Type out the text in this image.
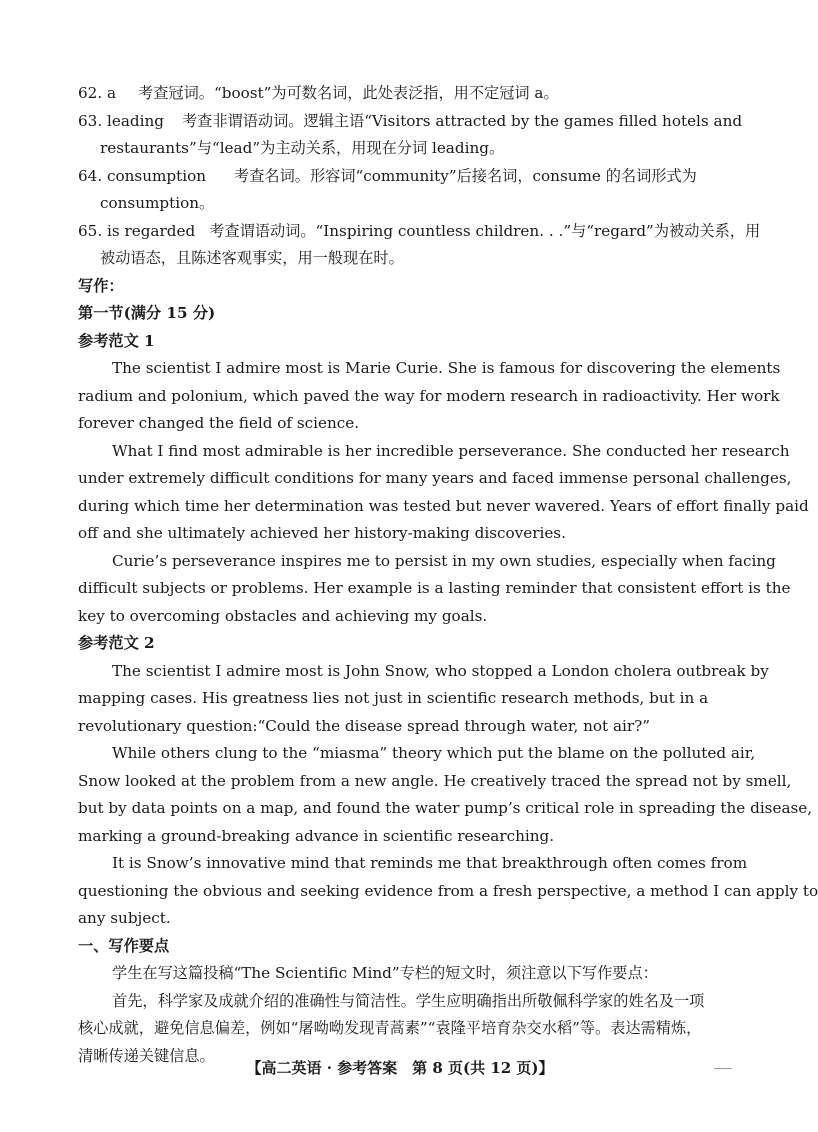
62. a 考查冠词。“boost”为可数名词，此处表泛指，用不定冠词 a。
63. leading 考查非谓语动词。逻辑主语“Visitors attracted by the games filled hotels and
restaurants”与“lead”为主动关系，用现在分词 leading。
64. consumption 考查名词。形容词“community”后接名词，consume 的名词形式为
consumption。
65. is regarded 考查谓语动词。“Inspiring countless children. . .”与“regard”为被动关系，用
被动语态，且陈述客观事实，用一般现在时。
写作：
第一节(满分 15 分)
参考范文 1
The scientist I admire most is Marie Curie. She is famous for discovering the elements
radium and polonium, which paved the way for modern research in radioactivity. Her work
forever changed the field of science.
What I find most admirable is her incredible perseverance. She conducted her research
under extremely difficult conditions for many years and faced immense personal challenges,
during which time her determination was tested but never wavered. Years of effort finally paid
off and she ultimately achieved her history-making discoveries.
Curie’s perseverance inspires me to persist in my own studies, especially when facing
difficult subjects or problems. Her example is a lasting reminder that consistent effort is the
key to overcoming obstacles and achieving my goals.
参考范文 2
The scientist I admire most is John Snow, who stopped a London cholera outbreak by
mapping cases. His greatness lies not just in scientific research methods, but in a
revolutionary question:“Could the disease spread through water, not air?”
While others clung to the “miasma” theory which put the blame on the polluted air,
Snow looked at the problem from a new angle. He creatively traced the spread not by smell,
but by data points on a map, and found the water pump’s critical role in spreading the disease,
marking a ground-breaking advance in scientific researching.
It is Snow’s innovative mind that reminds me that breakthrough often comes from
questioning the obvious and seeking evidence from a fresh perspective, a method I can apply to
any subject.
一、写作要点
学生在写这篇投稿“The Scientific Mind”专栏的短文时，须注意以下写作要点：
首先，科学家及成就介绍的准确性与简洁性。学生应明确指出所敬佩科学家的姓名及一项
核心成就，避免信息偏差，例如“屠呦呦发现青蒿素”“袁隆平培育杂交水稻”等。表达需精炼，
清晰传递关键信息。
【高二英语 · 参考答案　第 8 页(共 12 页)】
